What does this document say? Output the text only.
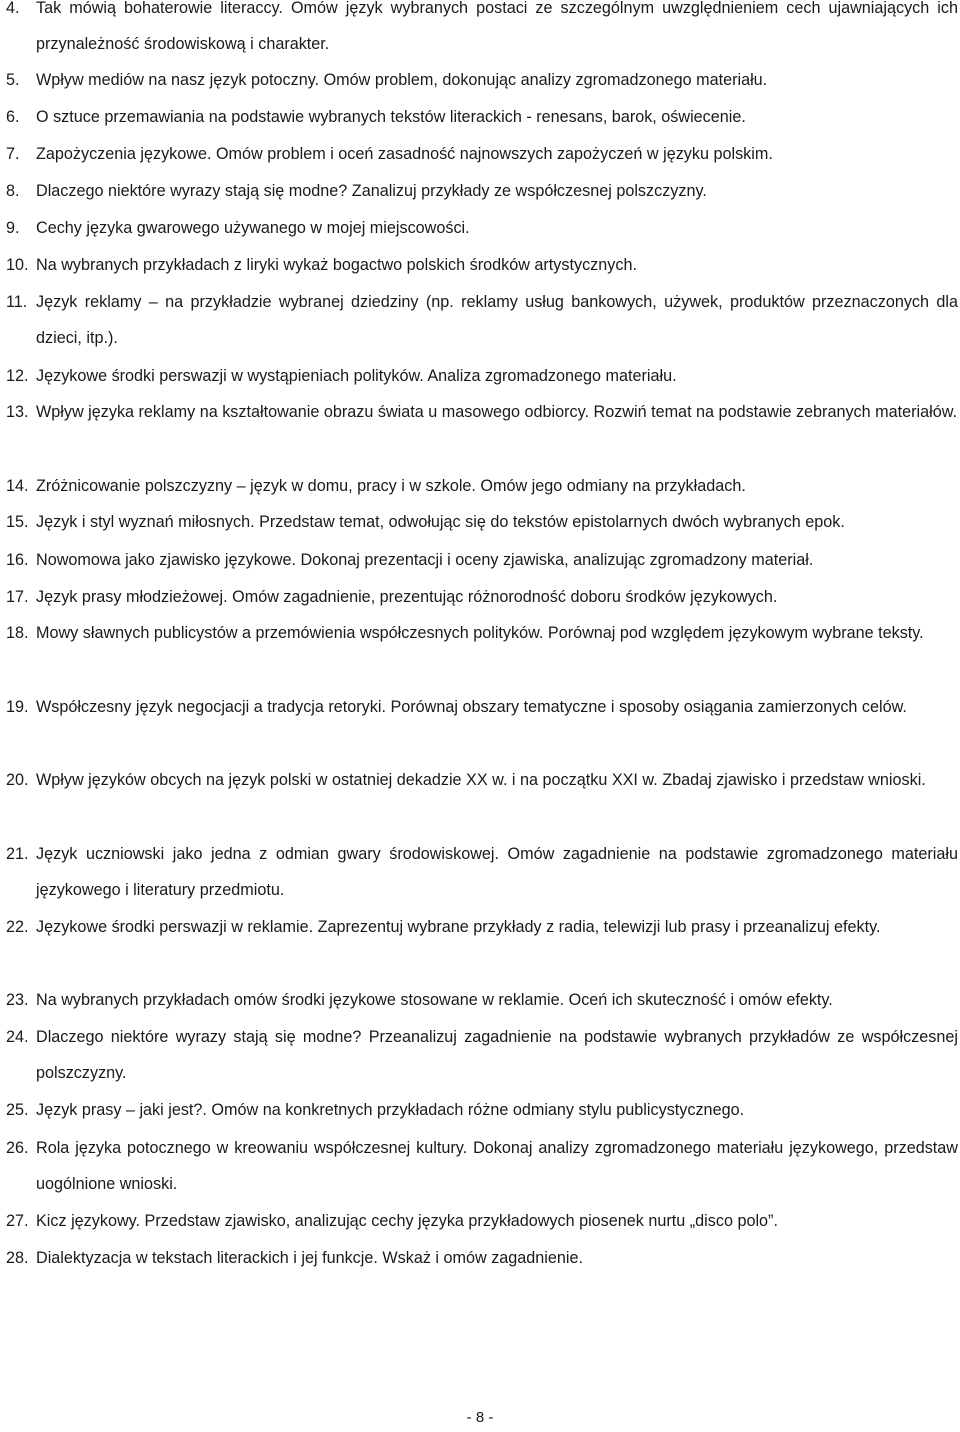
4. Tak mówią bohaterowie literaccy. Omów język wybranych postaci ze szczególnym uwzględnieniem cech ujawniających ich przynależność środowiskową i charakter.
5. Wpływ mediów na nasz język potoczny. Omów problem, dokonując analizy zgromadzonego materiału.
6. O sztuce przemawiania na podstawie wybranych tekstów literackich - renesans, barok, oświecenie.
7. Zapożyczenia językowe. Omów problem i oceń zasadność najnowszych zapożyczeń w języku polskim.
8. Dlaczego niektóre wyrazy stają się modne? Zanalizuj przykłady ze współczesnej polszczyzny.
9. Cechy języka gwarowego używanego w mojej miejscowości.
10. Na wybranych przykładach z liryki wykaż bogactwo polskich środków artystycznych.
11. Język reklamy – na przykładzie wybranej dziedziny (np. reklamy usług bankowych, używek, produktów przeznaczonych dla dzieci, itp.).
12. Językowe środki perswazji w wystąpieniach polityków. Analiza zgromadzonego materiału.
13. Wpływ języka reklamy na kształtowanie obrazu świata u masowego odbiorcy. Rozwiń temat na podstawie zebranych materiałów.
14. Zróżnicowanie polszczyzny – język w domu, pracy i w szkole. Omów jego odmiany na przykładach.
15. Język i styl wyznań miłosnych. Przedstaw temat, odwołując się do tekstów epistolarnych dwóch wybranych epok.
16. Nowomowa jako zjawisko językowe. Dokonaj prezentacji i oceny zjawiska, analizując zgromadzony materiał.
17. Język prasy młodzieżowej. Omów zagadnienie, prezentując różnorodność doboru środków językowych.
18. Mowy sławnych publicystów a przemówienia współczesnych polityków. Porównaj pod względem językowym wybrane teksty.
19. Współczesny język negocjacji a tradycja retoryki. Porównaj obszary tematyczne i sposoby osiągania zamierzonych celów.
20. Wpływ języków obcych na język polski w ostatniej dekadzie XX w. i na początku XXI w. Zbadaj zjawisko i przedstaw wnioski.
21. Język uczniowski jako jedna z odmian gwary środowiskowej. Omów zagadnienie na podstawie zgromadzonego materiału językowego i literatury przedmiotu.
22. Językowe środki perswazji w reklamie. Zaprezentuj wybrane przykłady z radia, telewizji lub prasy i przeanalizuj efekty.
23. Na wybranych przykładach omów środki językowe stosowane w reklamie. Oceń ich skuteczność i omów efekty.
24. Dlaczego niektóre wyrazy stają się modne? Przeanalizuj zagadnienie na podstawie wybranych przykładów ze współczesnej polszczyzny.
25. Język prasy – jaki jest?. Omów na konkretnych przykładach różne odmiany stylu publicystycznego.
26. Rola języka potocznego w kreowaniu współczesnej kultury. Dokonaj analizy zgromadzonego materiału językowego, przedstaw uogólnione wnioski.
27. Kicz językowy. Przedstaw zjawisko, analizując cechy języka przykładowych piosenek nurtu „disco polo”.
28. Dialektyzacja w tekstach literackich i jej funkcje. Wskaż i omów zagadnienie.
- 8 -
